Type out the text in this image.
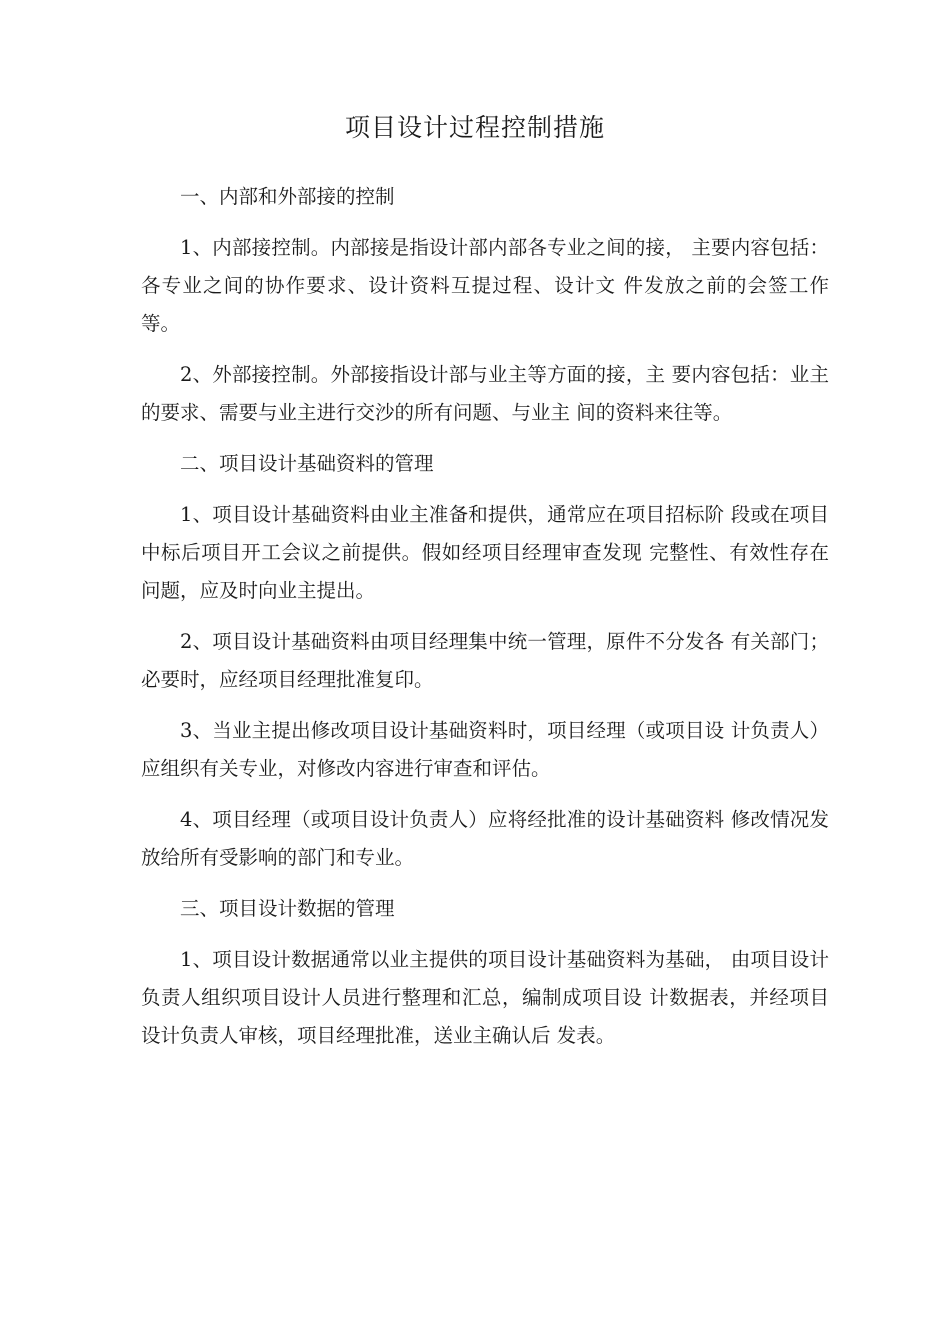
项目设计过程控制措施

一、内部和外部接的控制

1、内部接控制。内部接是指设计部内部各专业之间的接， 主要内容包括：各专业之间的协作要求、设计资料互提过程、设计文 件发放之前的会签工作等。

2、外部接控制。外部接指设计部与业主等方面的接，主 要内容包括：业主的要求、需要与业主进行交沙的所有问题、与业主 间的资料来往等。

二、项目设计基础资料的管理

1、项目设计基础资料由业主准备和提供，通常应在项目招标阶 段或在项目中标后项目开工会议之前提供。假如经项目经理审查发现 完整性、有效性存在问题，应及时向业主提出。

2、项目设计基础资料由项目经理集中统一管理，原件不分发各 有关部门；必要时，应经项目经理批准复印。

3、当业主提出修改项目设计基础资料时，项目经理（或项目设 计负责人）应组织有关专业，对修改内容进行审查和评估。

4、项目经理（或项目设计负责人）应将经批准的设计基础资料 修改情况发放给所有受影响的部门和专业。

三、项目设计数据的管理

1、项目设计数据通常以业主提供的项目设计基础资料为基础， 由项目设计负责人组织项目设计人员进行整理和汇总，编制成项目设 计数据表，并经项目设计负责人审核，项目经理批准，送业主确认后 发表。
